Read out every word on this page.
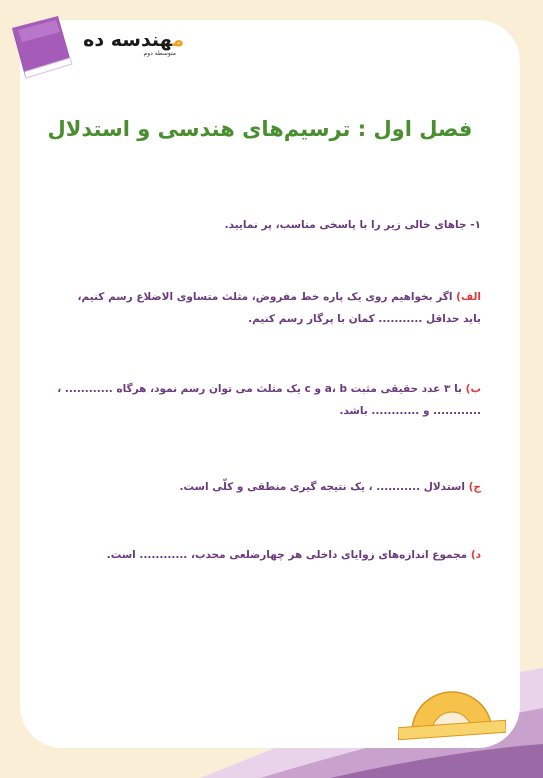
مهندسه ده
متوسطه دوم
فصل اول : ترسیم‌های هندسی و استدلال
۱- جاهای خالی زیر را با پاسخی مناسب، پر نمایید.
الف) اگر بخواهیم روی یک پاره خط مفروض، مثلث متساوی الاضلاع رسم کنیم، باید حداقل ........... کمان با پرگار رسم کنیم.
ب) با ۳ عدد حقیقی مثبت a، b و c یک مثلث می توان رسم نمود، هرگاه ............ ، ............ و ............ باشد.
ج) استدلال ........... ، یک نتیجه گیری منطقی و کلّی است.
د) مجموع اندازه‌های زوایای داخلی هر چهارضلعی محدب، ............ است.
